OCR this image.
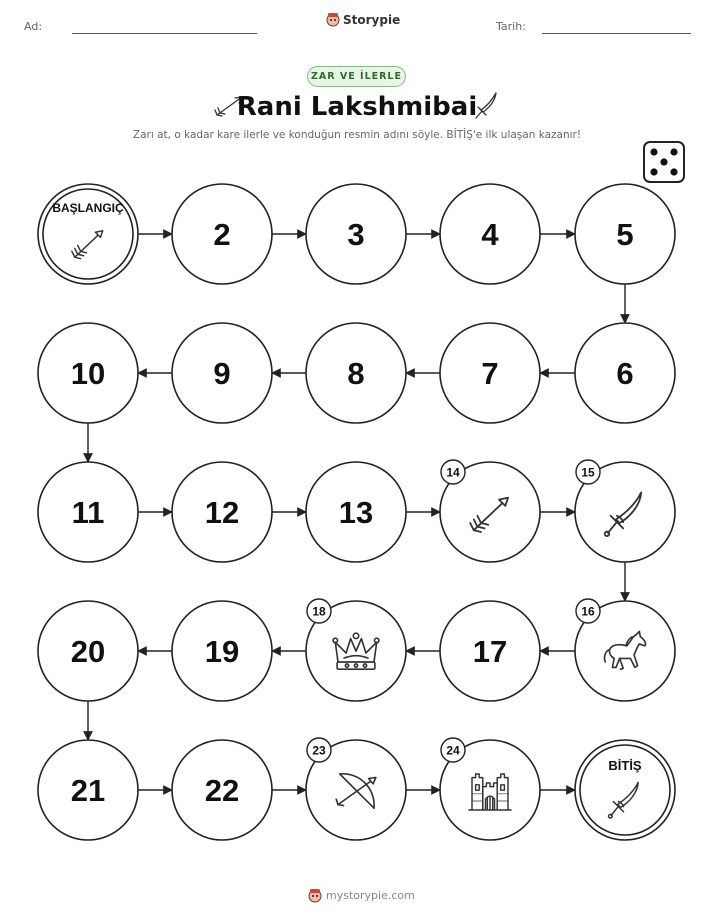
Ad:	Storypie	Tarih:
ZAR VE İLERLE
Rani Lakshmibai
Zarı at, o kadar kare ilerle ve konduğun resmin adını söyle. BİTİŞ'e ilk ulaşan kazanır!
BAŞLANGIÇ
2	3	4	5
6
7
8
9
10
11	12	13
14	15
16
17
18
19
20
21	22
23	24
BİTİŞ
mystorypie.com
